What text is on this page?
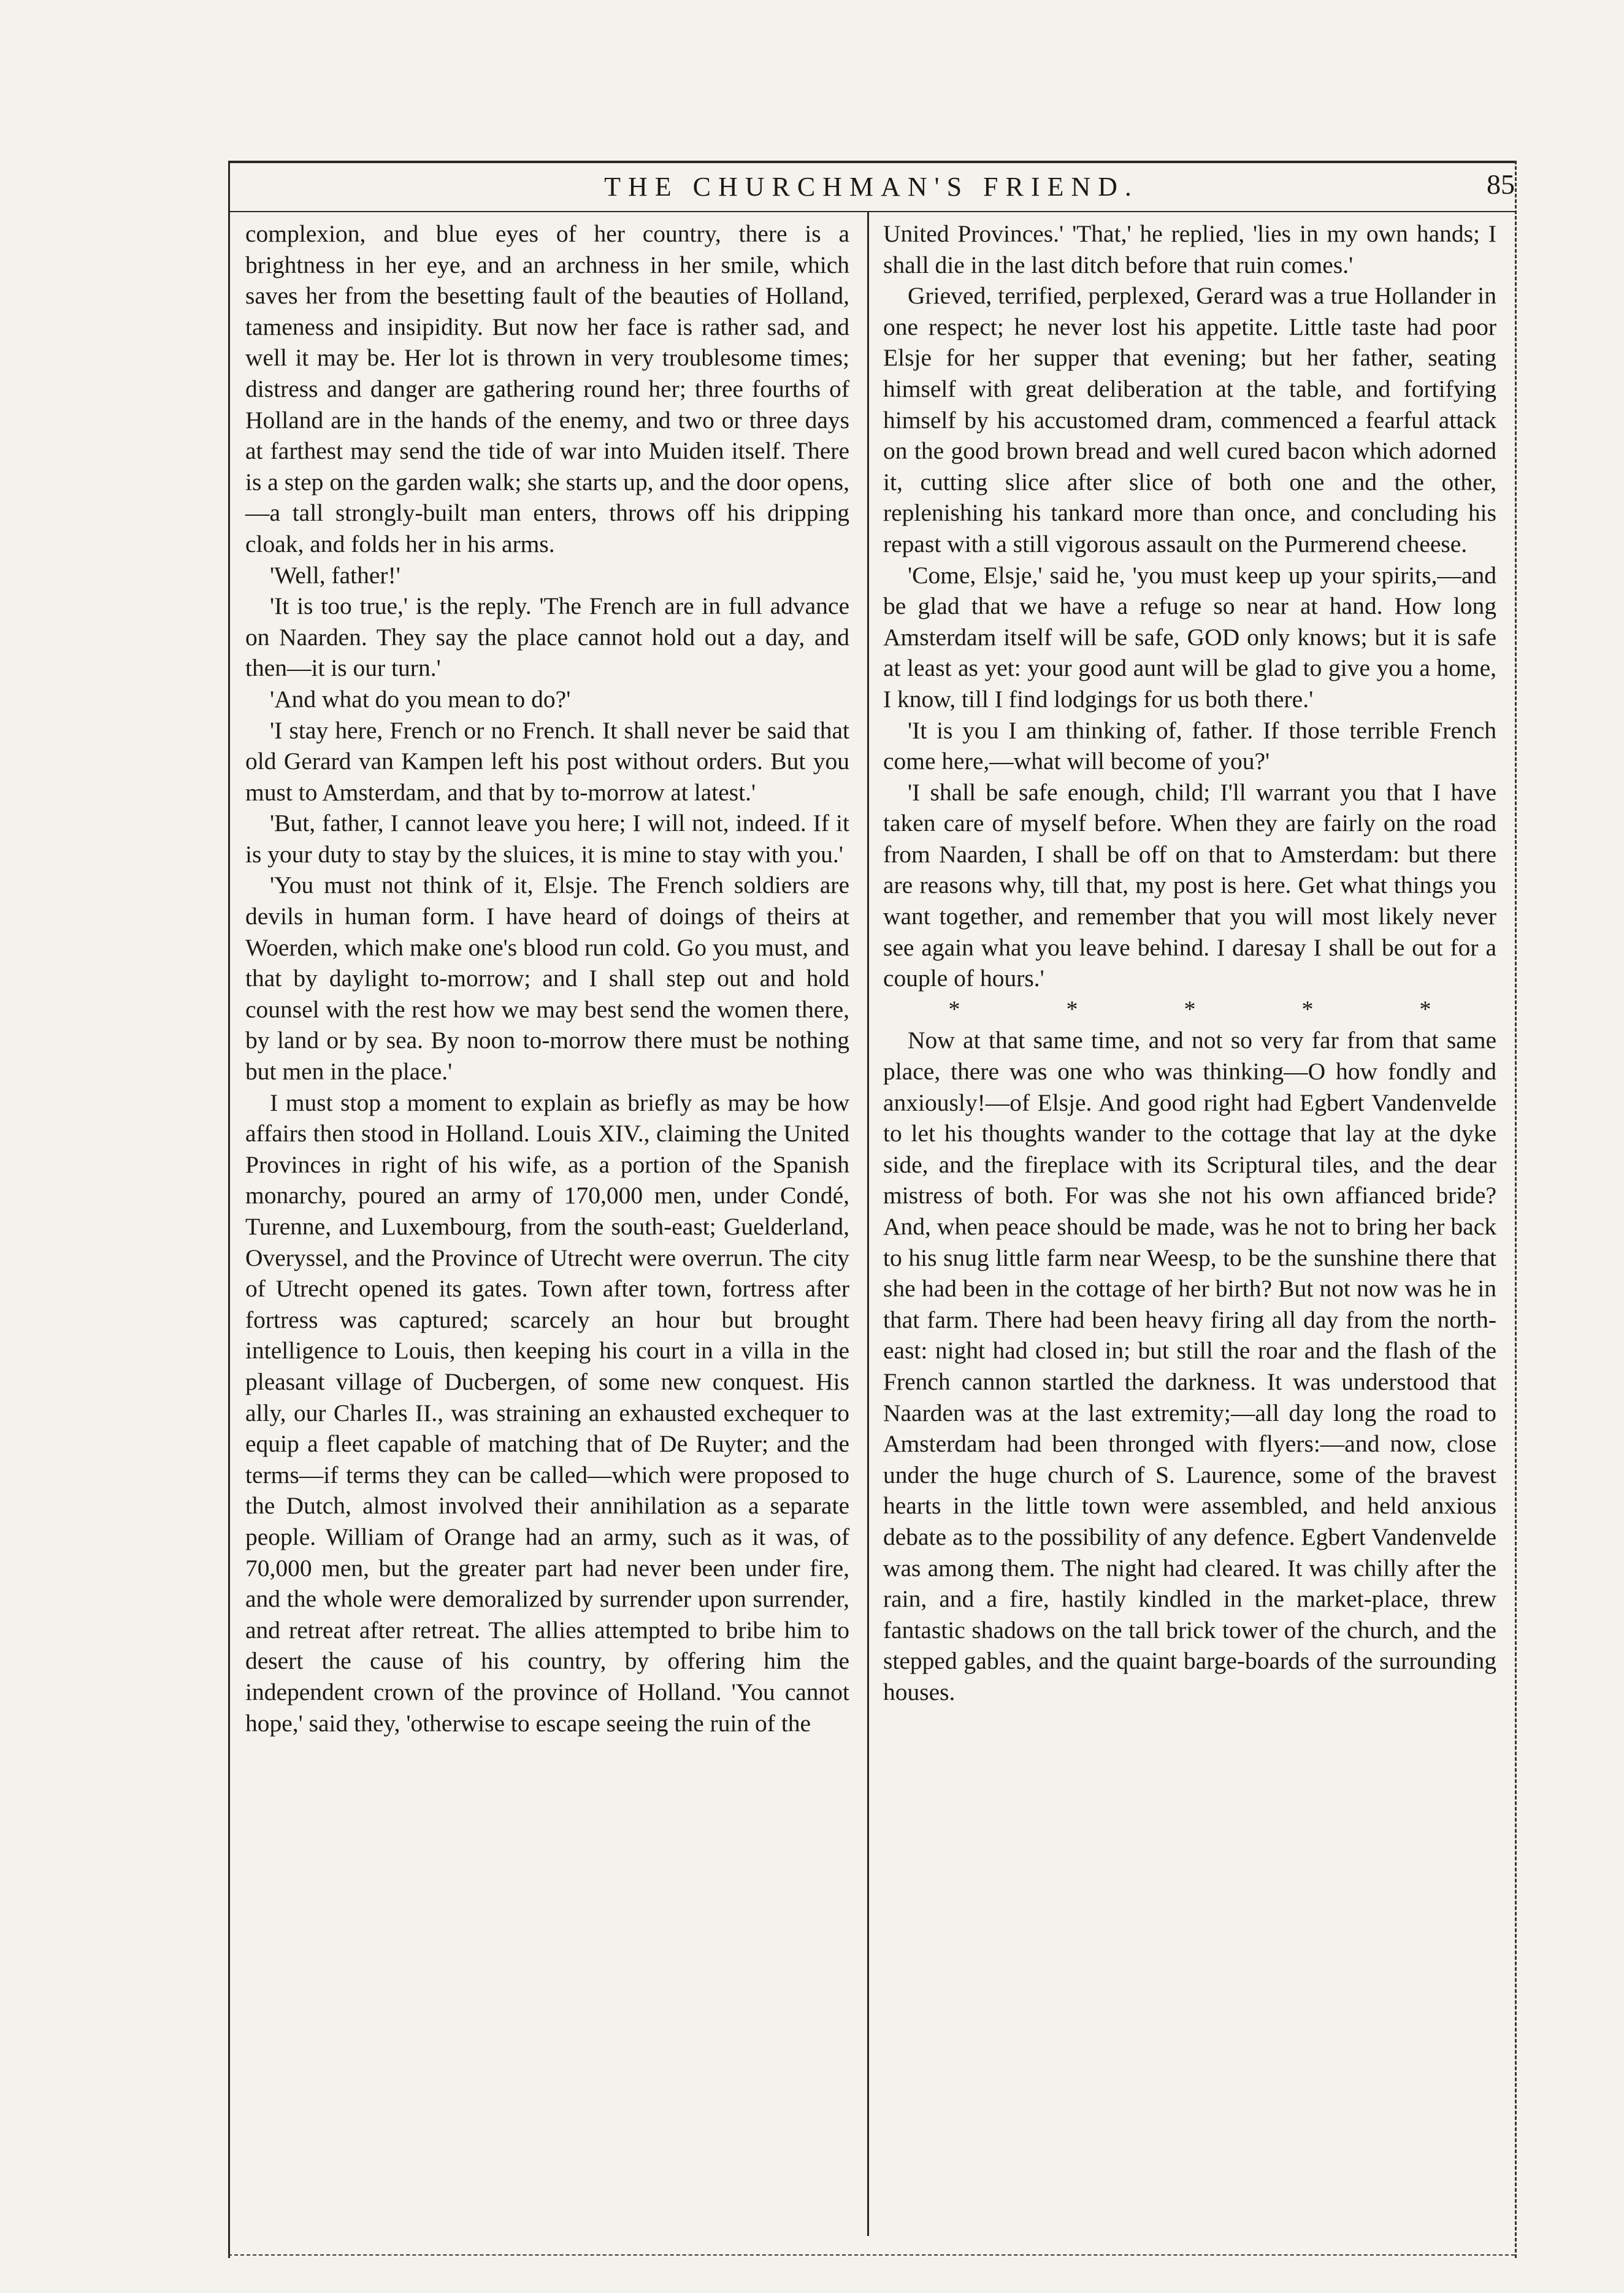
THE CHURCHMAN'S FRIEND.	85

complexion, and blue eyes of her country, there is a brightness in her eye, and an archness in her smile, which saves her from the besetting fault of the beauties of Holland, tameness and insipidity. But now her face is rather sad, and well it may be. Her lot is thrown in very troublesome times; distress and danger are gathering round her; three fourths of Holland are in the hands of the enemy, and two or three days at farthest may send the tide of war into Muiden itself. There is a step on the garden walk; she starts up, and the door opens,—a tall strongly-built man enters, throws off his dripping cloak, and folds her in his arms.

'Well, father!'

'It is too true,' is the reply. 'The French are in full advance on Naarden. They say the place cannot hold out a day, and then—it is our turn.'

'And what do you mean to do?'

'I stay here, French or no French. It shall never be said that old Gerard van Kampen left his post without orders. But you must to Amsterdam, and that by to-morrow at latest.'

'But, father, I cannot leave you here; I will not, indeed. If it is your duty to stay by the sluices, it is mine to stay with you.'

'You must not think of it, Elsje. The French soldiers are devils in human form. I have heard of doings of theirs at Woerden, which make one's blood run cold. Go you must, and that by daylight to-morrow; and I shall step out and hold counsel with the rest how we may best send the women there, by land or by sea. By noon to-morrow there must be nothing but men in the place.'

I must stop a moment to explain as briefly as may be how affairs then stood in Holland. Louis XIV., claiming the United Provinces in right of his wife, as a portion of the Spanish monarchy, poured an army of 170,000 men, under Condé, Turenne, and Luxembourg, from the south-east; Guelderland, Overyssel, and the Province of Utrecht were overrun. The city of Utrecht opened its gates. Town after town, fortress after fortress was captured; scarcely an hour but brought intelligence to Louis, then keeping his court in a villa in the pleasant village of Ducbergen, of some new conquest. His ally, our Charles II., was straining an exhausted exchequer to equip a fleet capable of matching that of De Ruyter; and the terms—if terms they can be called—which were proposed to the Dutch, almost involved their annihilation as a separate people. William of Orange had an army, such as it was, of 70,000 men, but the greater part had never been under fire, and the whole were demoralized by surrender upon surrender, and retreat after retreat. The allies attempted to bribe him to desert the cause of his country, by offering him the independent crown of the province of Holland. 'You cannot hope,' said they, 'otherwise to escape seeing the ruin of the

United Provinces.' 'That,' he replied, 'lies in my own hands; I shall die in the last ditch before that ruin comes.'

Grieved, terrified, perplexed, Gerard was a true Hollander in one respect; he never lost his appetite. Little taste had poor Elsje for her supper that evening; but her father, seating himself with great deliberation at the table, and fortifying himself by his accustomed dram, commenced a fearful attack on the good brown bread and well cured bacon which adorned it, cutting slice after slice of both one and the other, replenishing his tankard more than once, and concluding his repast with a still vigorous assault on the Purmerend cheese.

'Come, Elsje,' said he, 'you must keep up your spirits,—and be glad that we have a refuge so near at hand. How long Amsterdam itself will be safe, GOD only knows; but it is safe at least as yet: your good aunt will be glad to give you a home, I know, till I find lodgings for us both there.'

'It is you I am thinking of, father. If those terrible French come here,—what will become of you?'

'I shall be safe enough, child; I'll warrant you that I have taken care of myself before. When they are fairly on the road from Naarden, I shall be off on that to Amsterdam: but there are reasons why, till that, my post is here. Get what things you want together, and remember that you will most likely never see again what you leave behind. I daresay I shall be out for a couple of hours.'

*	*	*	*	*

Now at that same time, and not so very far from that same place, there was one who was thinking—O how fondly and anxiously!—of Elsje. And good right had Egbert Vandenvelde to let his thoughts wander to the cottage that lay at the dyke side, and the fireplace with its Scriptural tiles, and the dear mistress of both. For was she not his own affianced bride? And, when peace should be made, was he not to bring her back to his snug little farm near Weesp, to be the sunshine there that she had been in the cottage of her birth? But not now was he in that farm. There had been heavy firing all day from the north-east: night had closed in; but still the roar and the flash of the French cannon startled the darkness. It was understood that Naarden was at the last extremity;—all day long the road to Amsterdam had been thronged with flyers:—and now, close under the huge church of S. Laurence, some of the bravest hearts in the little town were assembled, and held anxious debate as to the possibility of any defence. Egbert Vandenvelde was among them. The night had cleared. It was chilly after the rain, and a fire, hastily kindled in the market-place, threw fantastic shadows on the tall brick tower of the church, and the stepped gables, and the quaint barge-boards of the surrounding houses.
